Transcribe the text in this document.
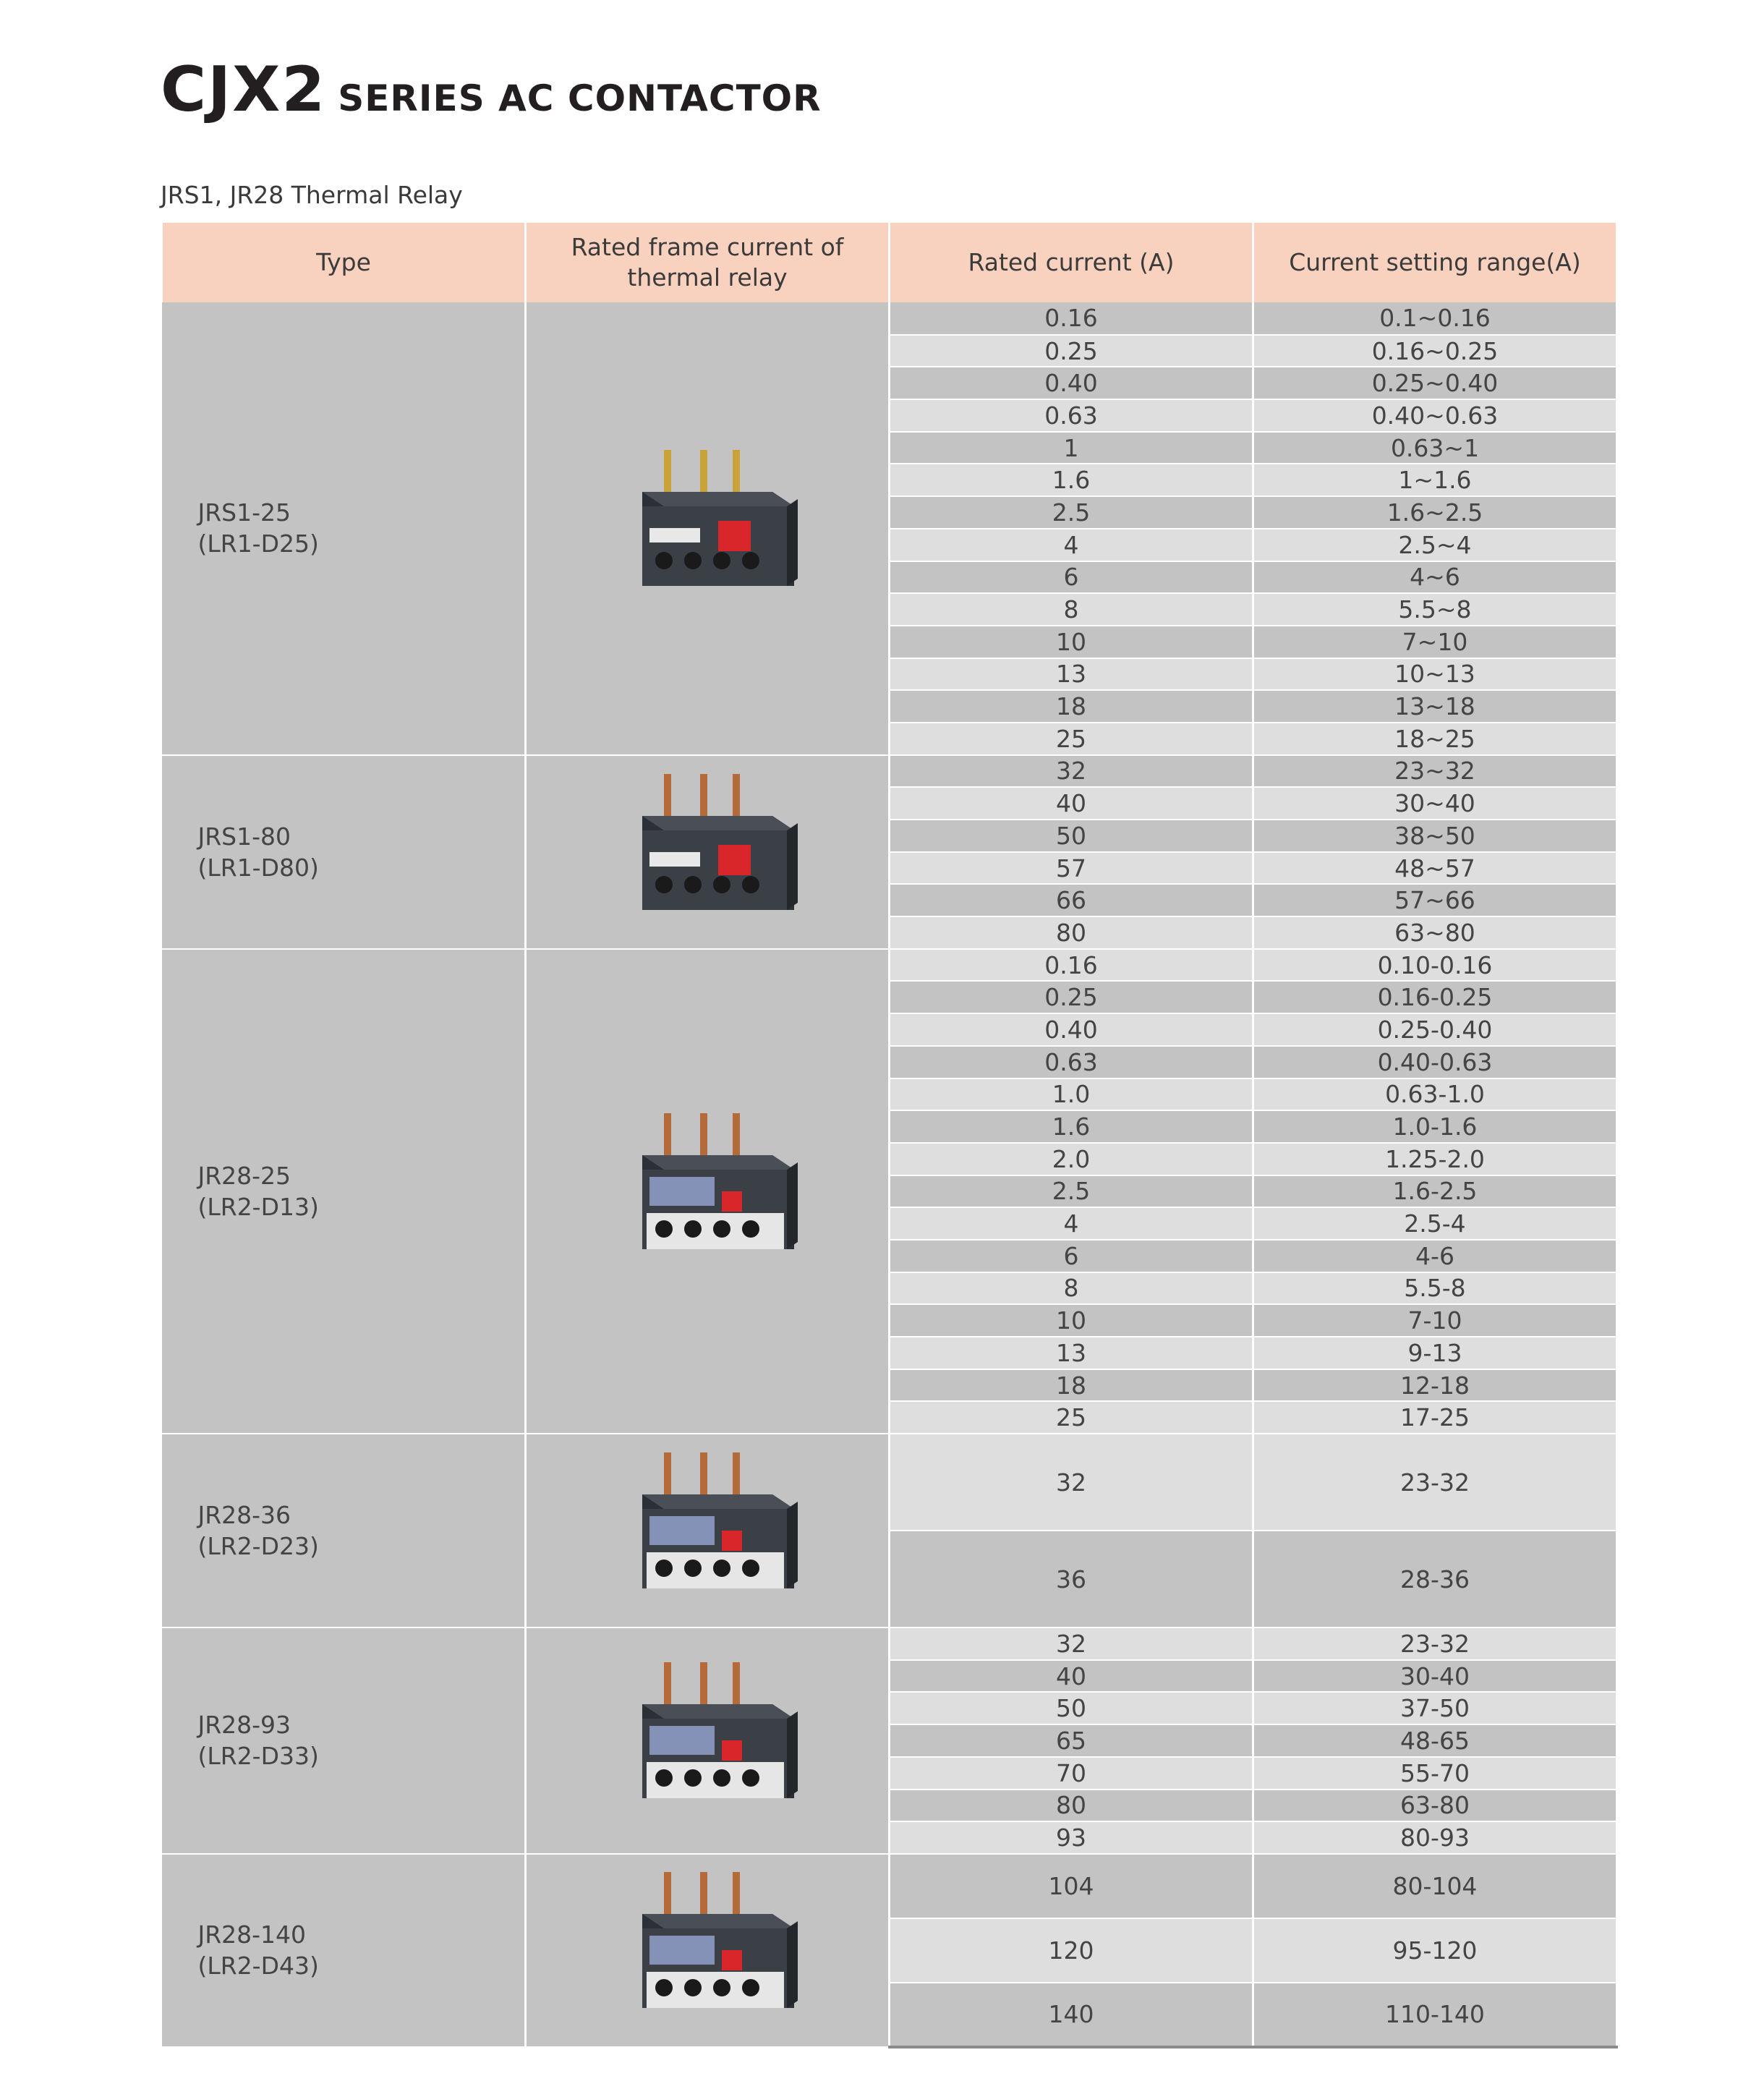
CJX2 SERIES AC CONTACTOR
JRS1, JR28 Thermal Relay
Type	Rated frame current of thermal relay	Rated current (A)	Current setting range(A)

JRS1-25
(LR1-D25)		0.16	0.1~0.16
		0.25	0.16~0.25
		0.40	0.25~0.40
		0.63	0.40~0.63
		1	0.63~1
		1.6	1~1.6
		2.5	1.6~2.5
		4	2.5~4
		6	4~6
		8	5.5~8
		10	7~10
		13	10~13
		18	13~18
		25	18~25

JRS1-80
(LR1-D80)		32	23~32
		40	30~40
		50	38~50
		57	48~57
		66	57~66
		80	63~80

JR28-25
(LR2-D13)		0.16	0.10-0.16
		0.25	0.16-0.25
		0.40	0.25-0.40
		0.63	0.40-0.63
		1.0	0.63-1.0
		1.6	1.0-1.6
		2.0	1.25-2.0
		2.5	1.6-2.5
		4	2.5-4
		6	4-6
		8	5.5-8
		10	7-10
		13	9-13
		18	12-18
		25	17-25

JR28-36
(LR2-D23)		32	23-32
		36	28-36

JR28-93
(LR2-D33)		32	23-32
		40	30-40
		50	37-50
		65	48-65
		70	55-70
		80	63-80
		93	80-93

JR28-140
(LR2-D43)		104	80-104
		120	95-120
		140	110-140
